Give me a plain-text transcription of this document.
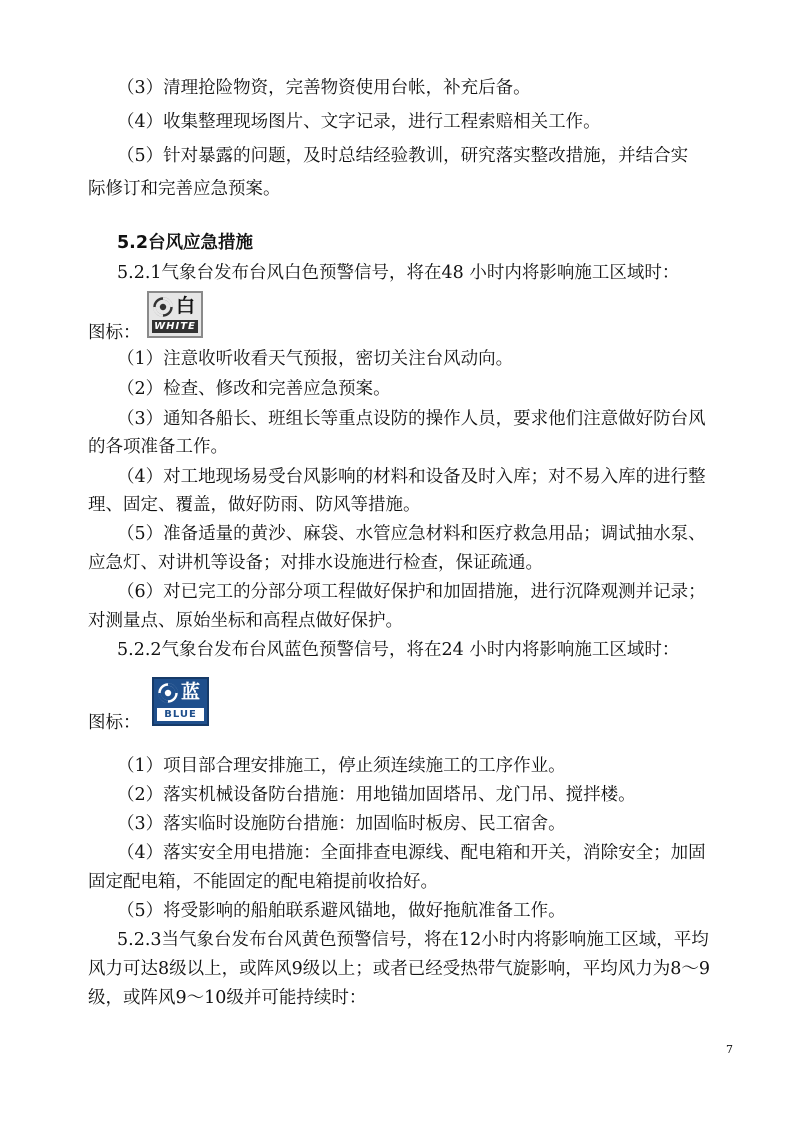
（3）清理抢险物资，完善物资使用台帐，补充后备。
（4）收集整理现场图片、文字记录，进行工程索赔相关工作。
（5）针对暴露的问题，及时总结经验教训，研究落实整改措施，并结合实
际修订和完善应急预案。
5.2台风应急措施
5.2.1气象台发布台风白色预警信号，将在48 小时内将影响施工区域时：
图标：
白
WHITE
（1）注意收听收看天气预报，密切关注台风动向。
（2）检查、修改和完善应急预案。
（3）通知各船长、班组长等重点设防的操作人员，要求他们注意做好防台风
的各项准备工作。
（4）对工地现场易受台风影响的材料和设备及时入库；对不易入库的进行整
理、固定、覆盖，做好防雨、防风等措施。
（5）准备适量的黄沙、麻袋、水管应急材料和医疗救急用品；调试抽水泵、
应急灯、对讲机等设备；对排水设施进行检查，保证疏通。
（6）对已完工的分部分项工程做好保护和加固措施，进行沉降观测并记录；
对测量点、原始坐标和高程点做好保护。
5.2.2气象台发布台风蓝色预警信号，将在24 小时内将影响施工区域时：
图标：
蓝
BLUE
（1）项目部合理安排施工，停止须连续施工的工序作业。
（2）落实机械设备防台措施：用地锚加固塔吊、龙门吊、搅拌楼。
（3）落实临时设施防台措施：加固临时板房、民工宿舍。
（4）落实安全用电措施：全面排查电源线、配电箱和开关，消除安全；加固
固定配电箱，不能固定的配电箱提前收拾好。
（5）将受影响的船舶联系避风锚地，做好拖航准备工作。
5.2.3当气象台发布台风黄色预警信号，将在12小时内将影响施工区域，平均
风力可达8级以上，或阵风9级以上；或者已经受热带气旋影响，平均风力为8～9
级，或阵风9～10级并可能持续时：
7
